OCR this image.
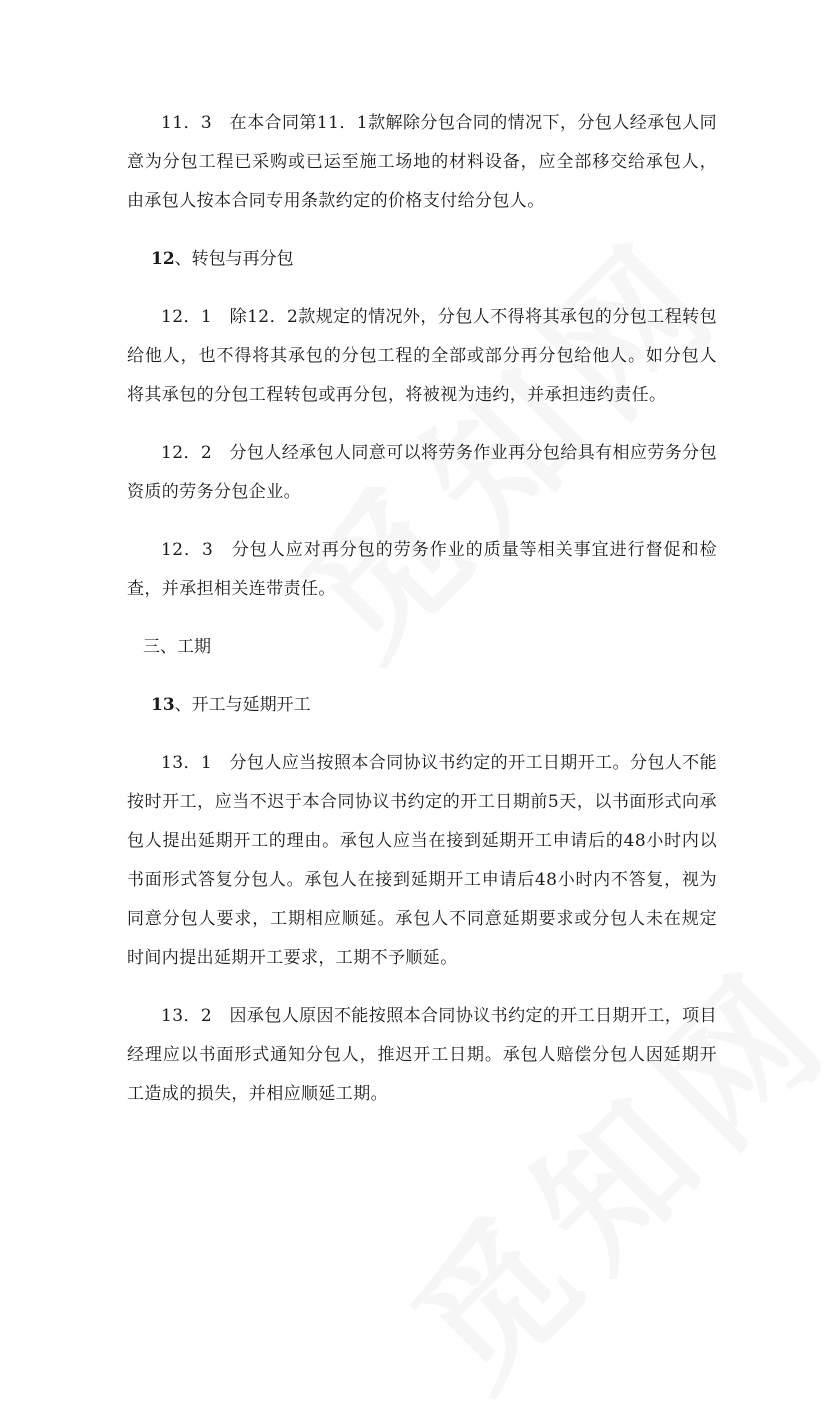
11．3　在本合同第11．1款解除分包合同的情况下，分包人经承包人同意为分包工程已采购或已运至施工场地的材料设备，应全部移交给承包人，由承包人按本合同专用条款约定的价格支付给分包人。

12、转包与再分包

12．1　除12．2款规定的情况外，分包人不得将其承包的分包工程转包给他人，也不得将其承包的分包工程的全部或部分再分包给他人。如分包人将其承包的分包工程转包或再分包，将被视为违约，并承担违约责任。

12．2　分包人经承包人同意可以将劳务作业再分包给具有相应劳务分包资质的劳务分包企业。

12．3　分包人应对再分包的劳务作业的质量等相关事宜进行督促和检查，并承担相关连带责任。

三、工期

13、开工与延期开工

13．1　分包人应当按照本合同协议书约定的开工日期开工。分包人不能按时开工，应当不迟于本合同协议书约定的开工日期前5天，以书面形式向承包人提出延期开工的理由。承包人应当在接到延期开工申请后的48小时内以书面形式答复分包人。承包人在接到延期开工申请后48小时内不答复，视为同意分包人要求，工期相应顺延。承包人不同意延期要求或分包人未在规定时间内提出延期开工要求，工期不予顺延。

13．2　因承包人原因不能按照本合同协议书约定的开工日期开工，项目经理应以书面形式通知分包人，推迟开工日期。承包人赔偿分包人因延期开工造成的损失，并相应顺延工期。
